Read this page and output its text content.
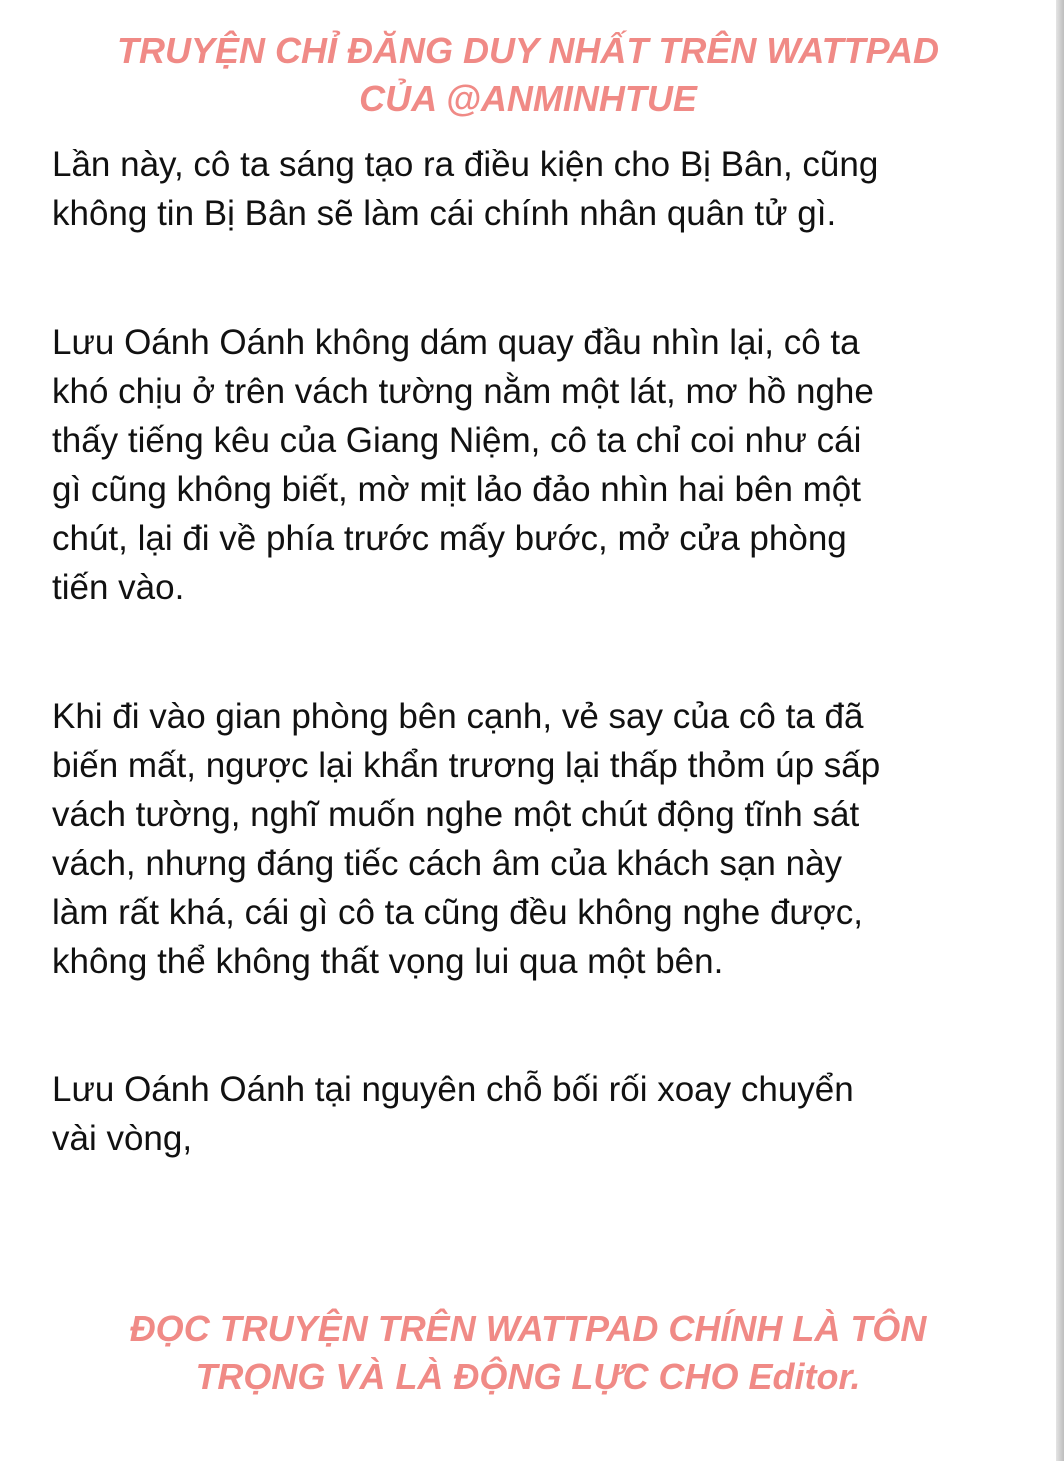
TRUYỆN CHỈ ĐĂNG DUY NHẤT TRÊN WATTPAD
CỦA @ANMINHTUE

Lần này, cô ta sáng tạo ra điều kiện cho Bị Bân, cũng
không tin Bị Bân sẽ làm cái chính nhân quân tử gì.

Lưu Oánh Oánh không dám quay đầu nhìn lại, cô ta
khó chịu ở trên vách tường nằm một lát, mơ hồ nghe
thấy tiếng kêu của Giang Niệm, cô ta chỉ coi như cái
gì cũng không biết, mờ mịt lảo đảo nhìn hai bên một
chút, lại đi về phía trước mấy bước, mở cửa phòng
tiến vào.

Khi đi vào gian phòng bên cạnh, vẻ say của cô ta đã
biến mất, ngược lại khẩn trương lại thấp thỏm úp sấp
vách tường, nghĩ muốn nghe một chút động tĩnh sát
vách, nhưng đáng tiếc cách âm của khách sạn này
làm rất khá, cái gì cô ta cũng đều không nghe được,
không thể không thất vọng lui qua một bên.

Lưu Oánh Oánh tại nguyên chỗ bối rối xoay chuyển
vài vòng,

ĐỌC TRUYỆN TRÊN WATTPAD CHÍNH LÀ TÔN
TRỌNG VÀ LÀ ĐỘNG LỰC CHO Editor.
